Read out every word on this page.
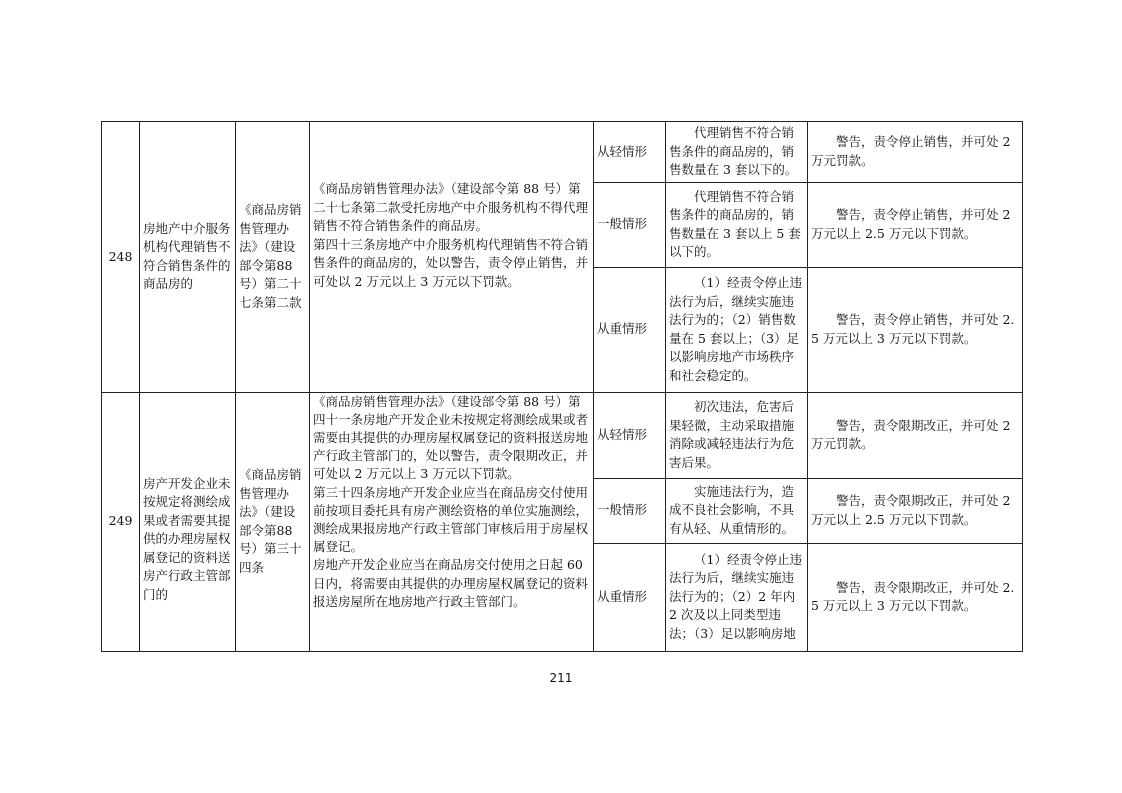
248	房地产中介服务机构代理销售不符合销售条件的商品房的	《商品房销售管理办法》（建设部令第88号）第二十七条第二款	《商品房销售管理办法》（建设部令第 88 号）第二十七条第二款受托房地产中介服务机构不得代理销售不符合销售条件的商品房。
第四十三条房地产中介服务机构代理销售不符合销售条件的商品房的，处以警告，责令停止销售，并可处以 2 万元以上 3 万元以下罚款。	从轻情形	代理销售不符合销售条件的商品房的，销售数量在 3 套以下的。	警告，责令停止销售，并可处 2 万元罚款。
				一般情形	代理销售不符合销售条件的商品房的，销售数量在 3 套以上 5 套以下的。	警告，责令停止销售，并可处 2 万元以上 2.5 万元以下罚款。
				从重情形	（1）经责令停止违法行为后，继续实施违法行为的；（2）销售数量在 5 套以上；（3）足以影响房地产市场秩序和社会稳定的。	警告，责令停止销售，并可处 2.5 万元以上 3 万元以下罚款。
249	房产开发企业未按规定将测绘成果或者需要其提供的办理房屋权属登记的资料送房产行政主管部门的	《商品房销售管理办法》（建设部令第88号）第三十四条	《商品房销售管理办法》（建设部令第 88 号）第四十一条房地产开发企业未按规定将测绘成果或者需要由其提供的办理房屋权属登记的资料报送房地产行政主管部门的，处以警告，责令限期改正，并可处以 2 万元以上 3 万元以下罚款。
第三十四条房地产开发企业应当在商品房交付使用前按项目委托具有房产测绘资格的单位实施测绘，测绘成果报房地产行政主管部门审核后用于房屋权属登记。
房地产开发企业应当在商品房交付使用之日起 60 日内，将需要由其提供的办理房屋权属登记的资料报送房屋所在地房地产行政主管部门。	从轻情形	初次违法，危害后果轻微，主动采取措施消除或减轻违法行为危害后果。	警告，责令限期改正，并可处 2 万元罚款。
				一般情形	实施违法行为，造成不良社会影响，不具有从轻、从重情形的。	警告，责令限期改正，并可处 2 万元以上 2.5 万元以下罚款。
				从重情形	（1）经责令停止违法行为后，继续实施违法行为的；（2）2 年内 2 次及以上同类型违法；（3）足以影响房地	警告，责令限期改正，并可处 2.5 万元以上 3 万元以下罚款。
211
